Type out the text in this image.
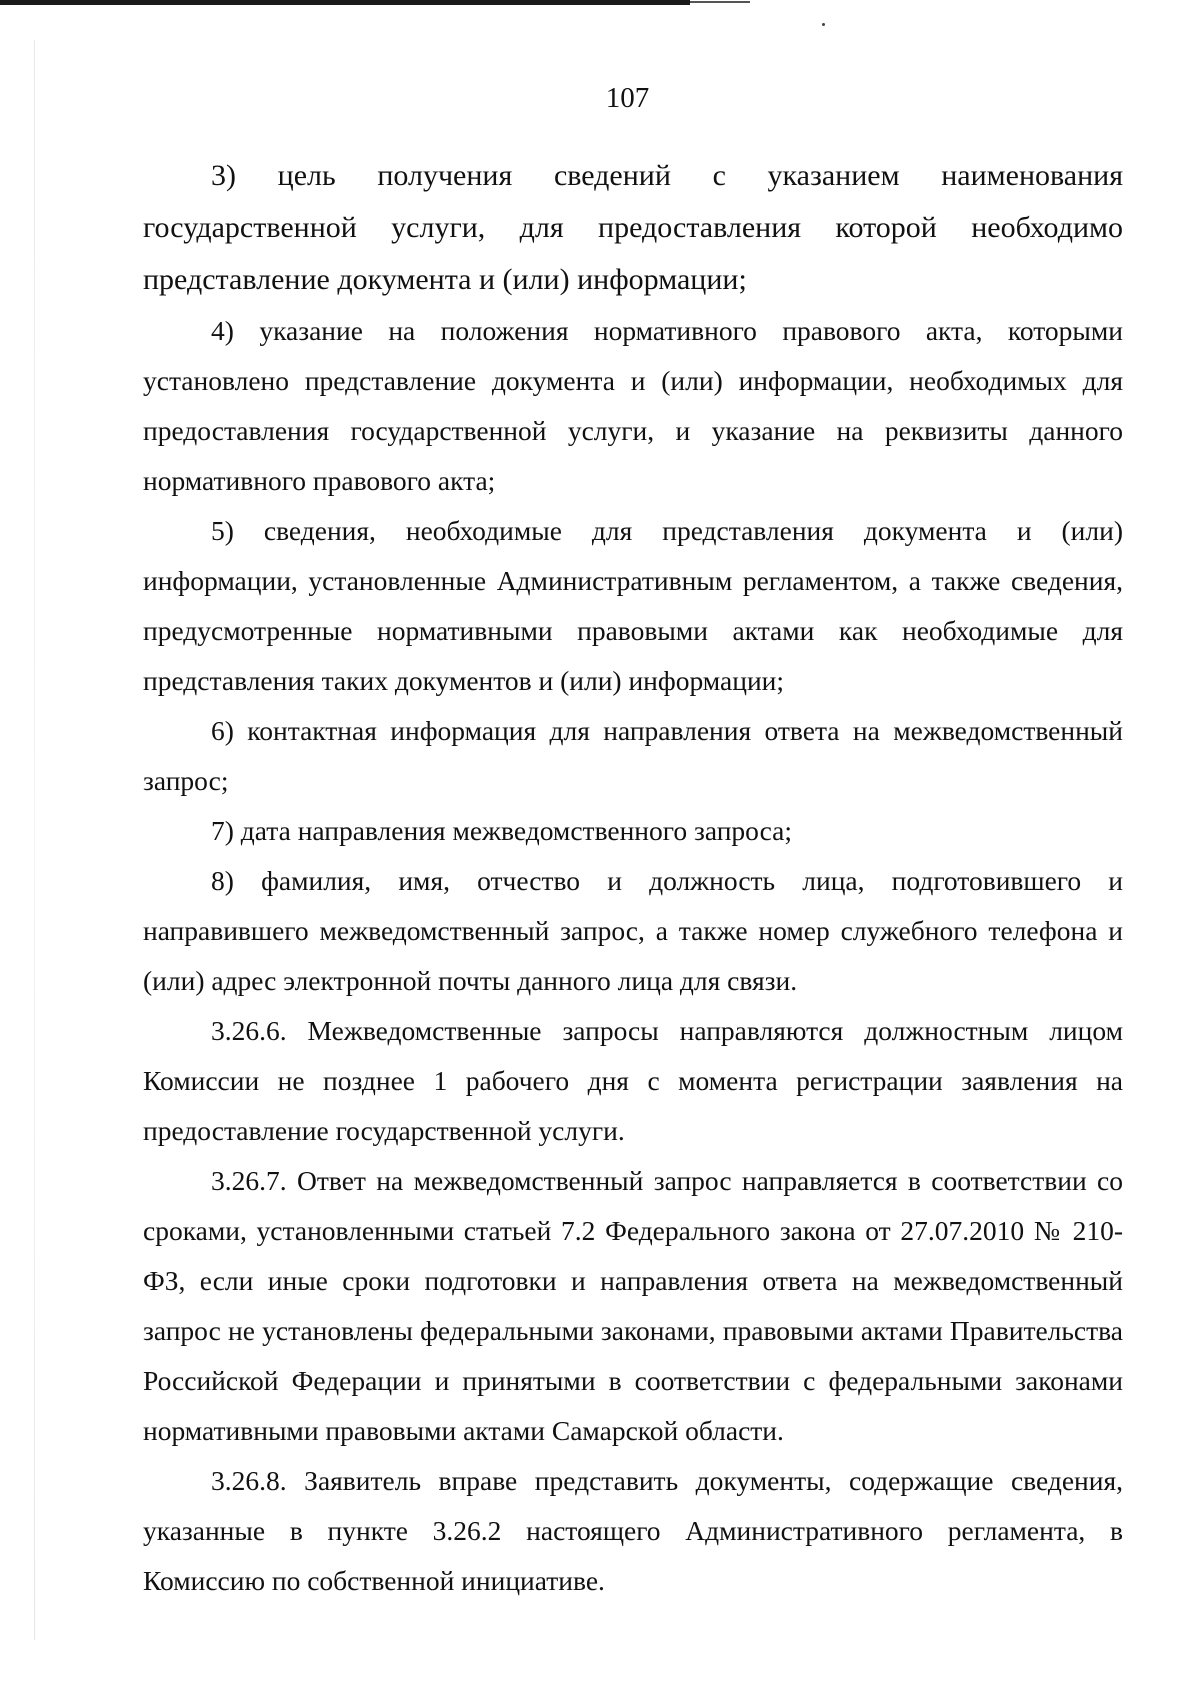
107

3) цель получения сведений с указанием наименования государственной услуги, для предоставления которой необходимо представление документа и (или) информации;

4) указание на положения нормативного правового акта, которыми установлено представление документа и (или) информации, необходимых для предоставления государственной услуги, и указание на реквизиты данного нормативного правового акта;

5) сведения, необходимые для представления документа и (или) информации, установленные Административным регламентом, а также сведения, предусмотренные нормативными правовыми актами как необходимые для представления таких документов и (или) информации;

6) контактная информация для направления ответа на межведомственный запрос;

7) дата направления межведомственного запроса;

8) фамилия, имя, отчество и должность лица, подготовившего и направившего межведомственный запрос, а также номер служебного телефона и (или) адрес электронной почты данного лица для связи.

3.26.6. Межведомственные запросы направляются должностным лицом Комиссии не позднее 1 рабочего дня с момента регистрации заявления на предоставление государственной услуги.

3.26.7. Ответ на межведомственный запрос направляется в соответствии со сроками, установленными статьей 7.2 Федерального закона от 27.07.2010 № 210-ФЗ, если иные сроки подготовки и направления ответа на межведомственный запрос не установлены федеральными законами, правовыми актами Правительства Российской Федерации и принятыми в соответствии с федеральными законами нормативными правовыми актами Самарской области.

3.26.8. Заявитель вправе представить документы, содержащие сведения, указанные в пункте 3.26.2 настоящего Административного регламента, в Комиссию по собственной инициативе.
